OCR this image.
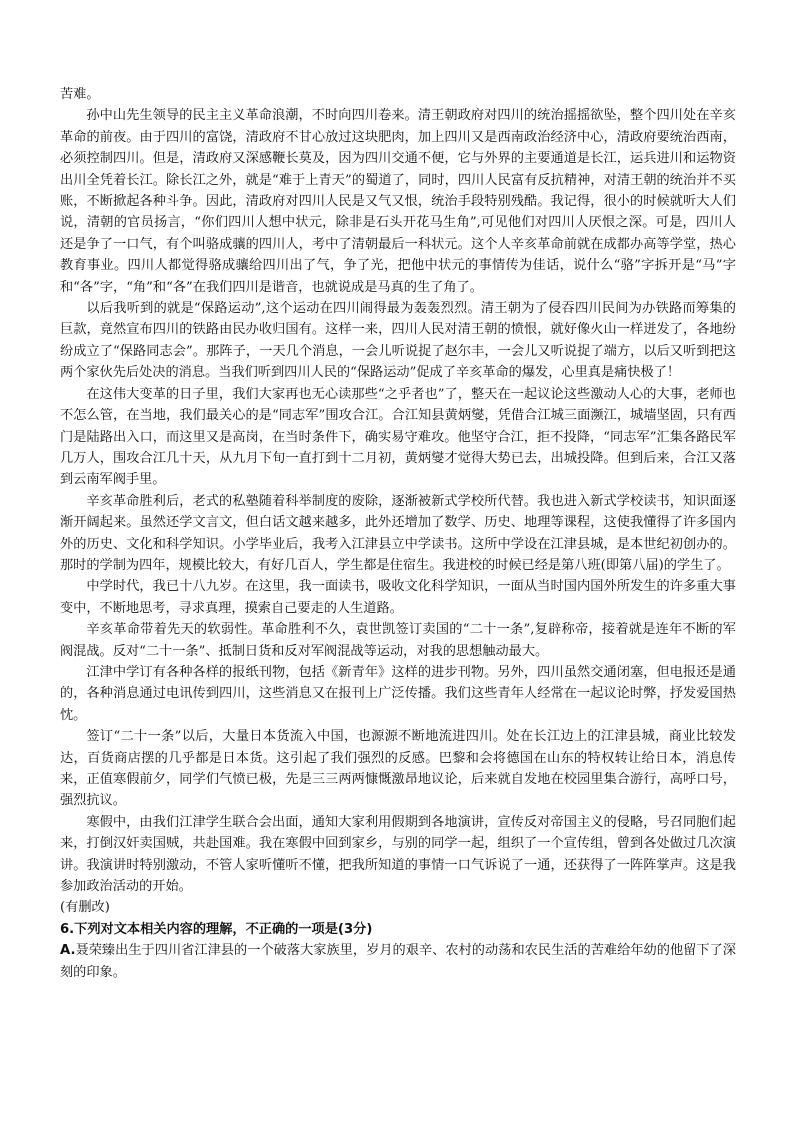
苦难。

孙中山先生领导的民主主义革命浪潮，不时向四川卷来。清王朝政府对四川的统治摇摇欲坠，整个四川处在辛亥革命的前夜。由于四川的富饶，清政府不甘心放过这块肥肉，加上四川又是西南政治经济中心，清政府要统治西南，必须控制四川。但是，清政府又深感鞭长莫及，因为四川交通不便，它与外界的主要通道是长江，运兵进川和运物资出川全凭着长江。除长江之外，就是“难于上青天”的蜀道了，同时，四川人民富有反抗精神，对清王朝的统治并不买账，不断掀起各种斗争。因此，清政府对四川人民是又气又恨，统治手段特别残酷。我记得，很小的时候就听大人们说，清朝的官员扬言，“你们四川人想中状元，除非是石头开花马生角”,可见他们对四川人厌恨之深。可是，四川人还是争了一口气，有个叫骆成骧的四川人，考中了清朝最后一科状元。这个人辛亥革命前就在成都办高等学堂，热心教育事业。四川人都觉得骆成骧给四川出了气，争了光，把他中状元的事情传为佳话，说什么“骆”字拆开是“马”字和“各”字，“角”和“各”在我们四川是谐音，也就说成是马真的生了角了。

以后我听到的就是“保路运动”,这个运动在四川闹得最为轰轰烈烈。清王朝为了侵吞四川民间为办铁路而筹集的巨款，竟然宣布四川的铁路由民办收归国有。这样一来，四川人民对清王朝的愤恨，就好像火山一样迸发了，各地纷纷成立了“保路同志会”。那阵子，一天几个消息，一会儿听说捉了赵尔丰，一会儿又听说捉了端方，以后又听到把这两个家伙先后处决的消息。当我们听到四川人民的“保路运动”促成了辛亥革命的爆发，心里真是痛快极了！

在这伟大变革的日子里，我们大家再也无心读那些“之乎者也”了，整天在一起议论这些激动人心的大事，老师也不怎么管，在当地，我们最关心的是“同志军”围攻合江。合江知县黄炳燮，凭借合江城三面濒江，城墙坚固，只有西门是陆路出入口，而这里又是高岗，在当时条件下，确实易守难攻。他坚守合江，拒不投降，“同志军”汇集各路民军几万人，围攻合江几十天，从九月下旬一直打到十二月初，黄炳燮才觉得大势已去，出城投降。但到后来，合江又落到云南军阀手里。

辛亥革命胜利后，老式的私塾随着科举制度的废除，逐渐被新式学校所代替。我也进入新式学校读书，知识面逐渐开阔起来。虽然还学文言文，但白话文越来越多，此外还增加了数学、历史、地理等课程，这使我懂得了许多国内外的历史、文化和科学知识。小学毕业后，我考入江津县立中学读书。这所中学设在江津县城，是本世纪初创办的。那时的学制为四年，规模比较大，有好几百人，学生都是住宿生。我进校的时候已经是第八班(即第八届)的学生了。

中学时代，我已十八九岁。在这里，我一面读书，吸收文化科学知识，一面从当时国内国外所发生的许多重大事变中，不断地思考，寻求真理，摸索自己要走的人生道路。

辛亥革命带着先天的软弱性。革命胜利不久，袁世凯签订卖国的“二十一条”,复辟称帝，接着就是连年不断的军阀混战。反对“二十一条”、抵制日货和反对军阀混战等运动，对我的思想触动最大。

江津中学订有各种各样的报纸刊物，包括《新青年》这样的进步刊物。另外，四川虽然交通闭塞，但电报还是通的，各种消息通过电讯传到四川，这些消息又在报刊上广泛传播。我们这些青年人经常在一起议论时弊，抒发爱国热忱。

签订“二十一条”以后，大量日本货流入中国，也源源不断地流进四川。处在长江边上的江津县城，商业比较发达，百货商店摆的几乎都是日本货。这引起了我们强烈的反感。巴黎和会将德国在山东的特权转让给日本，消息传来，正值寒假前夕，同学们气愤已极，先是三三两两慷慨激昂地议论，后来就自发地在校园里集合游行，高呼口号，强烈抗议。

寒假中，由我们江津学生联合会出面，通知大家利用假期到各地演讲，宣传反对帝国主义的侵略，号召同胞们起来，打倒汉奸卖国贼，共赴国难。我在寒假中回到家乡，与别的同学一起，组织了一个宣传组，曾到各处做过几次演讲。我演讲时特别激动，不管人家听懂听不懂，把我所知道的事情一口气诉说了一通，还获得了一阵阵掌声。这是我参加政治活动的开始。

(有删改)

6.下列对文本相关内容的理解，不正确的一项是(3分)

A.聂荣臻出生于四川省江津县的一个破落大家族里，岁月的艰辛、农村的动荡和农民生活的苦难给年幼的他留下了深刻的印象。
